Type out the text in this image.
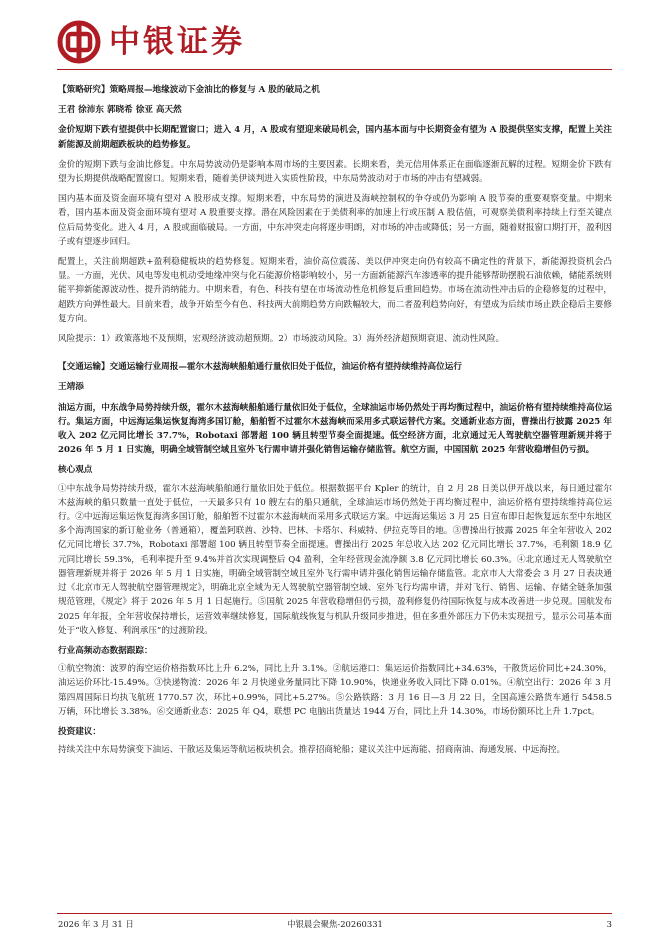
中银证券

【策略研究】策略周报—地缘波动下金油比的修复与 A 股的破局之机

王君 徐沛东 郭晓希 徐亚 高天然

金价短期下跌有望提供中长期配置窗口；进入 4 月，A 股或有望迎来破局机会，国内基本面与中长期资金有望为 A 股提供坚实支撑，配置上关注新能源及前期超跌板块的趋势修复。

金价的短期下跌与金油比修复。中东局势波动仍是影响本周市场的主要因素。长期来看，美元信用体系正在面临逐渐瓦解的过程。短期金价下跌有望为长期提供战略配置窗口。短期来看，随着美伊谈判进入实质性阶段，中东局势波动对于市场的冲击有望减弱。

国内基本面及资金面环境有望对 A 股形成支撑。短期来看，中东局势的演进及海峡控制权的争夺或仍为影响 A 股节奏的重要观察变量。中期来看，国内基本面及资金面环境有望对 A 股重要支撑。潜在风险因素在于美债利率的加速上行或压制 A 股估值，可观察美债利率持续上行至关键点位后局势变化。进入 4 月，A 股或面临破局。一方面，中东冲突走向将逐步明朗，对市场的冲击或降低；另一方面，随着财报窗口期打开，盈利因子或有望逐步回归。

配置上，关注前期超跌+盈利稳健板块的趋势修复。短期来看，油价高位震荡、美以伊冲突走向仍有较高不确定性的背景下，新能源投资机会凸显。一方面，光伏、风电等发电机动受地缘冲突与化石能源价格影响较小，另一方面新能源汽车渗透率的提升能够帮助摆脱石油依赖，储能系统则能平抑新能源波动性、提升消纳能力。中期来看，有色、科技有望在市场流动性危机修复后重回趋势。市场在流动性冲击后的企稳修复的过程中，超跌方向弹性最大。目前来看，战争开始至今有色、科技两大前期趋势方向跌幅较大，而二者盈利趋势向好，有望成为后续市场止跌企稳后主要修复方向。

风险提示：1）政策落地不及预期，宏观经济波动超预期。2）市场波动风险。3）海外经济超预期衰退、流动性风险。

【交通运输】交通运输行业周报—霍尔木兹海峡船舶通行量依旧处于低位，油运价格有望持续维持高位运行

王靖添

油运方面，中东战争局势持续升级，霍尔木兹海峡船舶通行量依旧处于低位，全球油运市场仍然处于再均衡过程中，油运价格有望持续维持高位运行。集运方面，中远海运集运恢复海湾多国订舱，船舶暂不过霍尔木兹海峡而采用多式联运替代方案。交通新业态方面，曹操出行披露 2025 年收入 202 亿元同比增长 37.7%，Robotaxi 部署超 100 辆且转型节奏全面提速。低空经济方面，北京通过无人驾驶航空器管理新规并将于 2026 年 5 月 1 日实施，明确全域管制空域且室外飞行需申请并强化销售运输存储监管。航空方面，中国国航 2025 年营收稳增但仍亏损。

核心观点

①中东战争局势持续升级，霍尔木兹海峡船舶通行量依旧处于低位。根据数据平台 Kpler 的统计，自 2 月 28 日美以伊开战以来，每日通过霍尔木兹海峡的船只数量一直处于低位，一天最多只有 10 艘左右的船只通航，全球油运市场仍然处于再均衡过程中，油运价格有望持续维持高位运行。②中远海运集运恢复海湾多国订舱，船舶暂不过霍尔木兹海峡而采用多式联运方案。中远海运集运 3 月 25 日宣布即日起恢复远东至中东地区多个海湾国家的新订舱业务（普通箱），覆盖阿联酋、沙特、巴林、卡塔尔、科威特、伊拉克等目的地。③曹操出行披露 2025 年全年营收入 202 亿元同比增长 37.7%，Robotaxi 部署超 100 辆且转型节奏全面提速。曹操出行 2025 年总收入达 202 亿元同比增长 37.7%，毛利额 18.9 亿元同比增长 59.3%，毛利率提升至 9.4%并首次实现调整后 Q4 盈利，全年经营现金流净额 3.8 亿元同比增长 60.3%。④北京通过无人驾驶航空器管理新规并将于 2026 年 5 月 1 日实施，明确全域管制空域且室外飞行需申请并强化销售运输存储监管。北京市人大常委会 3 月 27 日表决通过《北京市无人驾驶航空器管理规定》，明确北京全域为无人驾驶航空器管制空域、室外飞行均需申请，并对飞行、销售、运输、存储全链条加强规范管理，《规定》将于 2026 年 5 月 1 日起施行。⑤国航 2025 年营收稳增但仍亏损，盈利修复仍待国际恢复与成本改善进一步兑现。国航发布 2025 年年报，全年营收保持增长，运营效率继续修复，国际航线恢复与机队升级同步推进，但在多重外部压力下仍未实现扭亏，显示公司基本面处于“收入修复、利润承压”的过渡阶段。

行业高频动态数据跟踪：

①航空物流：波罗的海空运价格指数环比上升 6.2%，同比上升 3.1%。②航运港口：集运运价指数同比+34.63%，干散货运价同比+24.30%，油运运价环比-15.49%。③快递物流：2026 年 2 月快递业务量同比下降 10.90%，快递业务收入同比下降 0.01%。④航空出行：2026 年 3 月第四周国际日均执飞航班 1770.57 次，环比+0.99%，同比+5.27%。⑤公路铁路：3 月 16 日—3 月 22 日，全国高速公路货车通行 5458.5 万辆，环比增长 3.38%。⑥交通新业态：2025 年 Q4，联想 PC 电脑出货量达 1944 万台，同比上升 14.30%，市场份额环比上升 1.7pct。

投资建议：

持续关注中东局势演变下油运、干散运及集运等航运板块机会。推荐招商轮船；建议关注中远海能、招商南油、海通发展、中远海控。

2026 年 3 月 31 日	中银晨会聚焦-20260331	3
